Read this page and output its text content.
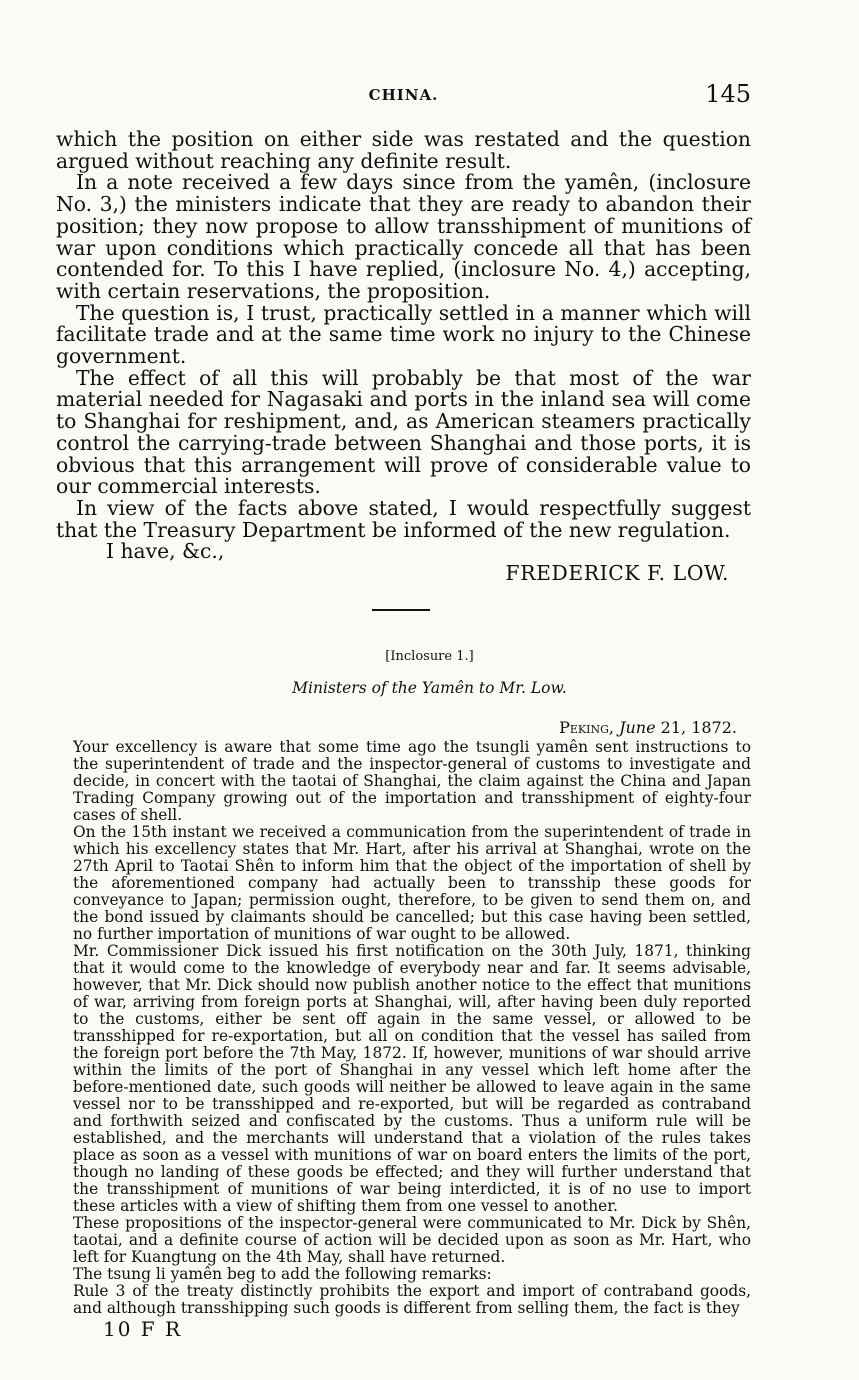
CHINA.	145

which the position on either side was restated and the question argued without reaching any definite result.

In a note received a few days since from the yamên, (inclosure No. 3,) the ministers indicate that they are ready to abandon their position; they now propose to allow transshipment of munitions of war upon conditions which practically concede all that has been contended for. To this I have replied, (inclosure No. 4,) accepting, with certain reservations, the proposition.

The question is, I trust, practically settled in a manner which will facilitate trade and at the same time work no injury to the Chinese government.

The effect of all this will probably be that most of the war material needed for Nagasaki and ports in the inland sea will come to Shanghai for reshipment, and, as American steamers practically control the carrying-trade between Shanghai and those ports, it is obvious that this arrangement will prove of considerable value to our commercial interests.

In view of the facts above stated, I would respectfully suggest that the Treasury Department be informed of the new regulation.

I have, &c.,
FREDERICK F. LOW.
[Inclosure 1.]
Ministers of the Yamên to Mr. Low.
Peking, June 21, 1872.

Your excellency is aware that some time ago the tsungli yamên sent instructions to the superintendent of trade and the inspector-general of customs to investigate and decide, in concert with the taotai of Shanghai, the claim against the China and Japan Trading Company growing out of the importation and transshipment of eighty-four cases of shell.

On the 15th instant we received a communication from the superintendent of trade in which his excellency states that Mr. Hart, after his arrival at Shanghai, wrote on the 27th April to Taotai Shên to inform him that the object of the importation of shell by the aforementioned company had actually been to transship these goods for conveyance to Japan; permission ought, therefore, to be given to send them on, and the bond issued by claimants should be cancelled; but this case having been settled, no further importation of munitions of war ought to be allowed.

Mr. Commissioner Dick issued his first notification on the 30th July, 1871, thinking that it would come to the knowledge of everybody near and far. It seems advisable, however, that Mr. Dick should now publish another notice to the effect that munitions of war, arriving from foreign ports at Shanghai, will, after having been duly reported to the customs, either be sent off again in the same vessel, or allowed to be transshipped for re-exportation, but all on condition that the vessel has sailed from the foreign port before the 7th May, 1872. If, however, munitions of war should arrive within the limits of the port of Shanghai in any vessel which left home after the before-mentioned date, such goods will neither be allowed to leave again in the same vessel nor to be transshipped and re-exported, but will be regarded as contraband and forthwith seized and confiscated by the customs. Thus a uniform rule will be established, and the merchants will understand that a violation of the rules takes place as soon as a vessel with munitions of war on board enters the limits of the port, though no landing of these goods be effected; and they will further understand that the transshipment of munitions of war being interdicted, it is of no use to import these articles with a view of shifting them from one vessel to another.

These propositions of the inspector-general were communicated to Mr. Dick by Shên, taotai, and a definite course of action will be decided upon as soon as Mr. Hart, who left for Kuangtung on the 4th May, shall have returned.

The tsung li yamên beg to add the following remarks:

Rule 3 of the treaty distinctly prohibits the export and import of contraband goods, and although transshipping such goods is different from selling them, the fact is they

10 F R
